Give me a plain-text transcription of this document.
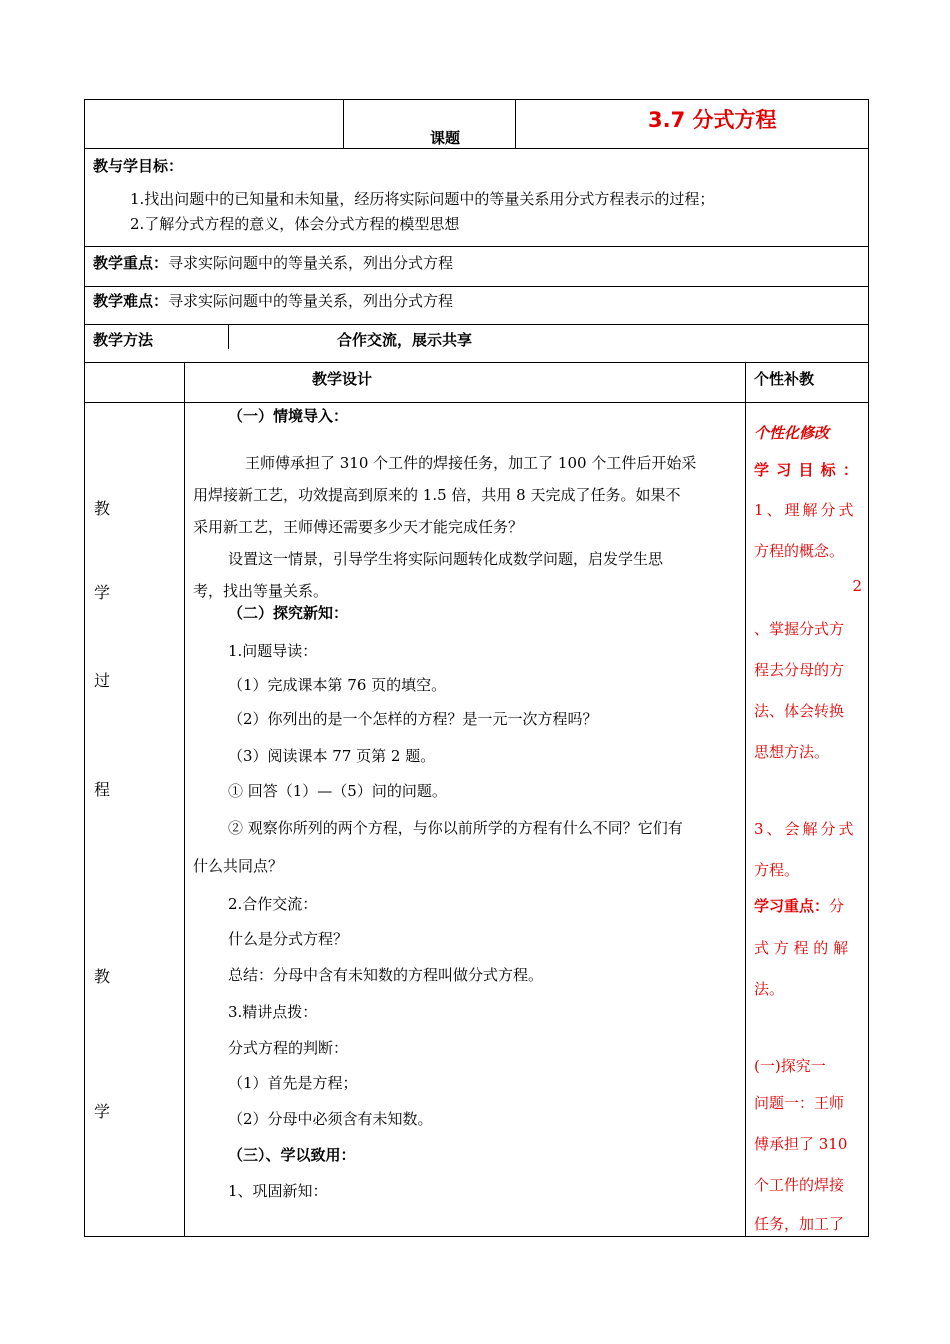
课题
3.7 分式方程
教与学目标：
1.找出问题中的已知量和未知量，经历将实际问题中的等量关系用分式方程表示的过程；
2.了解分式方程的意义，体会分式方程的模型思想
教学重点：寻求实际问题中的等量关系，列出分式方程
教学难点：寻求实际问题中的等量关系，列出分式方程
教学方法	合作交流，展示共享
教学设计	个性补教
教
学
过
程
教
学
（一）情境导入：
王师傅承担了 310 个工件的焊接任务，加工了 100 个工件后开始采
用焊接新工艺，功效提高到原来的 1.5 倍，共用 8 天完成了任务。如果不
采用新工艺，王师傅还需要多少天才能完成任务？
设置这一情景，引导学生将实际问题转化成数学问题，启发学生思
考，找出等量关系。
（二）探究新知：
1.问题导读：
（1）完成课本第 76 页的填空。
（2）你列出的是一个怎样的方程？是一元一次方程吗？
（3）阅读课本 77 页第 2 题。
① 回答（1）—（5）问的问题。
② 观察你所列的两个方程，与你以前所学的方程有什么不同？它们有
什么共同点？
2.合作交流：
什么是分式方程？
总结：分母中含有未知数的方程叫做分式方程。
3.精讲点拨：
分式方程的判断：
（1）首先是方程；
（2）分母中必须含有未知数。
（三）、学以致用：
1、巩固新知：
个性化修改
学 习 目 标 ：
1、理解分式
方程的概念。
2
、掌握分式方
程去分母的方
法、体会转换
思想方法。
3、会解分式
方程。
学习重点：分
式 方 程 的 解
法。
(一)探究一
问题一：王师
傅承担了 310
个工件的焊接
任务，加工了
